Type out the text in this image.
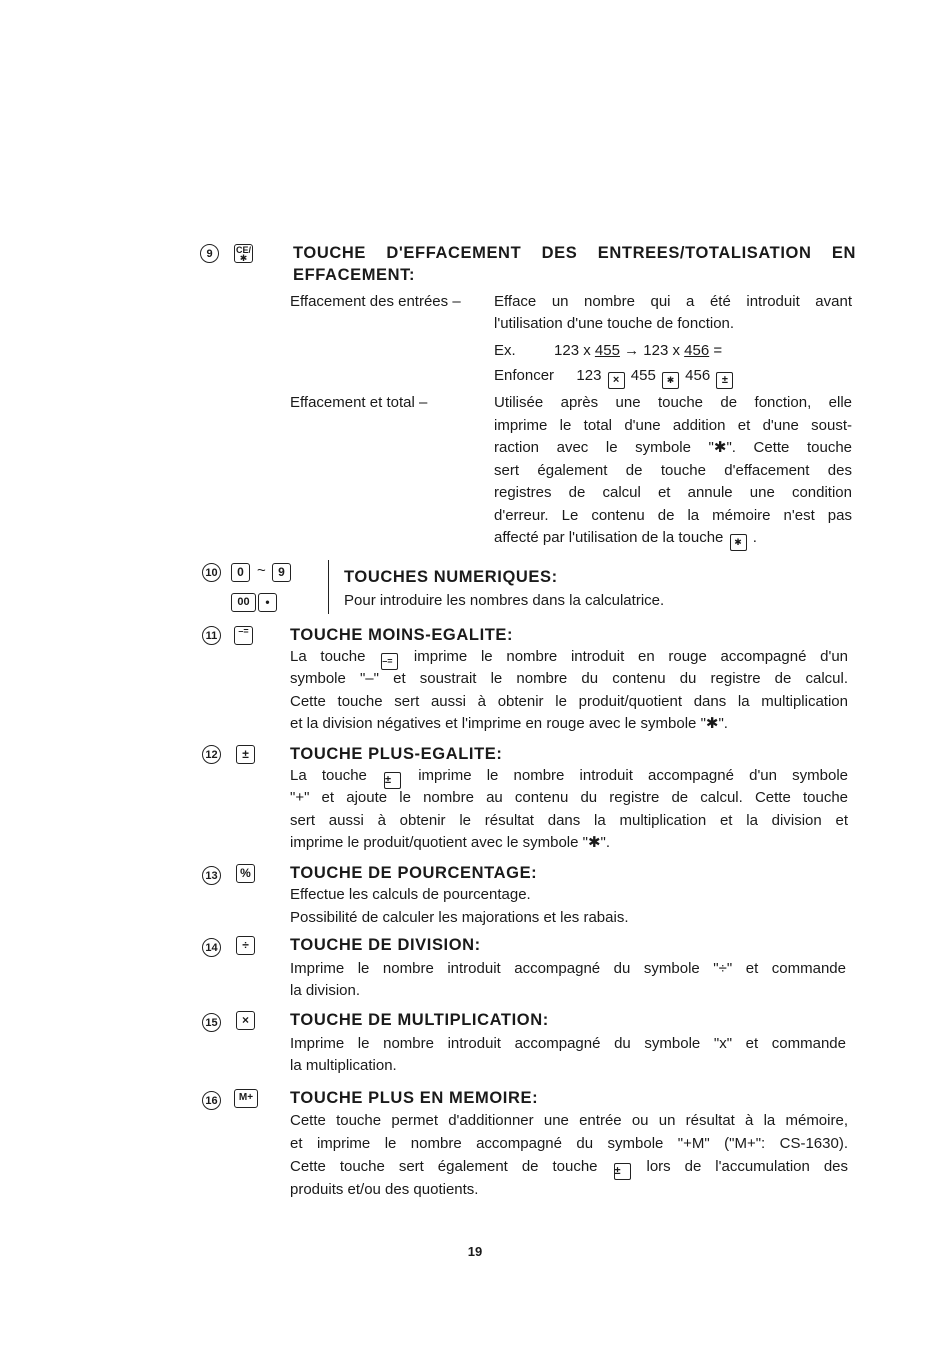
9	CE/✱	TOUCHE D'EFFACEMENT DES ENTREES/TOTALISATION EN
EFFACEMENT:
Effacement des entrées – Efface un nombre qui a été introduit avant
l'utilisation d'une touche de fonction.
Ex.	123 x 455 → 123 x 456 =
Enfoncer 123 × 455 ✱ 456 ±
Effacement et total –	Utilisée après une touche de fonction, elle
imprime le total d'une addition et d'une soust-
raction avec le symbole "✱". Cette touche
sert également de touche d'effacement des
registres de calcul et annule une condition
d'erreur. Le contenu de la mémoire n'est pas
affecté par l'utilisation de la touche ✱ .
10	0 ~	9
00	•
TOUCHES NUMERIQUES:
Pour introduire les nombres dans la calculatrice.
11	–=	TOUCHE MOINS-EGALITE:
La touche –= imprime le nombre introduit en rouge accompagné d'un
symbole "–" et soustrait le nombre du contenu du registre de calcul.
Cette touche sert aussi à obtenir le produit/quotient dans la multiplication
et la division négatives et l'imprime en rouge avec le symbole "✱".
12	±	TOUCHE PLUS-EGALITE:
La touche ± imprime le nombre introduit accompagné d'un symbole
"+" et ajoute le nombre au contenu du registre de calcul. Cette touche
sert aussi à obtenir le résultat dans la multiplication et la division et
imprime le produit/quotient avec le symbole "✱".
13	% TOUCHE DE POURCENTAGE:
Effectue les calculs de pourcentage.
Possibilité de calculer les majorations et les rabais.
14	÷	TOUCHE DE DIVISION:
Imprime le nombre introduit accompagné du symbole "÷" et commande
la division.
15	×	TOUCHE DE MULTIPLICATION:
Imprime le nombre introduit accompagné du symbole "x" et commande
la multiplication.
16	M+ TOUCHE PLUS EN MEMOIRE:
Cette touche permet d'additionner une entrée ou un résultat à la mémoire,
et imprime le nombre accompagné du symbole "+M" ("M+": CS-1630).
Cette touche sert également de touche ± lors de l'accumulation des
produits et/ou des quotients.
19
